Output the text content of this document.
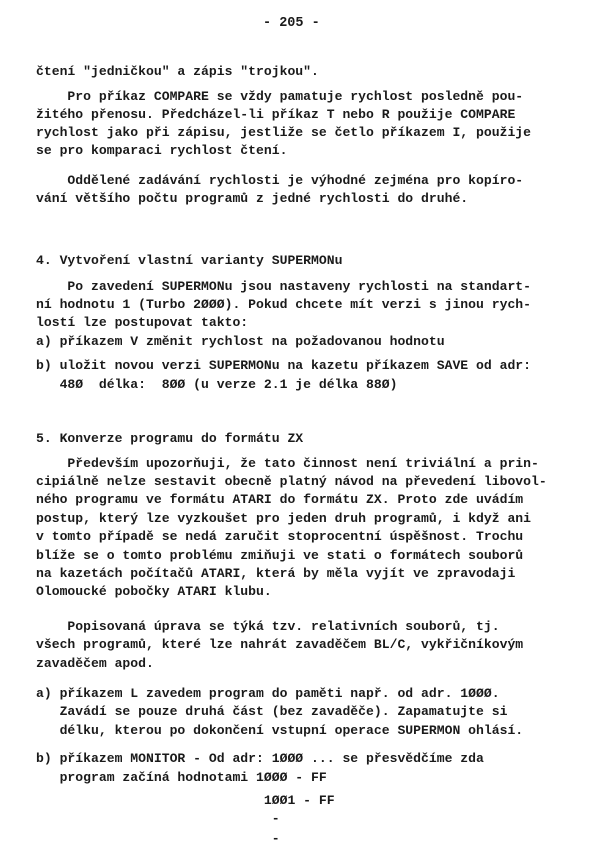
- 205 -
čtení "jedničkou" a zápis "trojkou".
Pro příkaz COMPARE se vždy pamatuje rychlost posledně pou-
žitého přenosu. Předcházel-li příkaz T nebo R použije COMPARE
rychlost jako při zápisu, jestliže se četlo příkazem I, použije
se pro komparaci rychlost čtení.
Oddělené zadávání rychlosti je výhodné zejména pro kopíro-
vání většího počtu programů z jedné rychlosti do druhé.
4. Vytvoření vlastní varianty SUPERMONu
Po zavedení SUPERMONu jsou nastaveny rychlosti na standart-
ní hodnotu 1 (Turbo 2ØØØ). Pokud chcete mít verzi s jinou rych-
lostí lze postupovat takto:
a) příkazem V změnit rychlost na požadovanou hodnotu
b) uložit novou verzi SUPERMONu na kazetu příkazem SAVE od adr:
48Ø  délka:  8ØØ (u verze 2.1 je délka 88Ø)
5. Konverze programu do formátu ZX
Především upozorňuji, že tato činnost není triviální a prin-
cipiálně nelze sestavit obecně platný návod na převedení libovol-
ného programu ve formátu ATARI do formátu ZX. Proto zde uvádím
postup, který lze vyzkoušet pro jeden druh programů, i když ani
v tomto případě se nedá zaručit stoprocentní úspěšnost. Trochu
blíže se o tomto problému zmiňuji ve stati o formátech souborů
na kazetách počítačů ATARI, která by měla vyjít ve zpravodaji
Olomoucké pobočky ATARI klubu.
Popisovaná úprava se týká tzv. relativních souborů, tj.
všech programů, které lze nahrát zavaděčem BL/C, vykřičníkovým
zavaděčem apod.
a) příkazem L zavedem program do paměti např. od adr. 1ØØØ.
Zavádí se pouze druhá část (bez zavaděče). Zapamatujte si
délku, kterou po dokončení vstupní operace SUPERMON ohlásí.
b) příkazem MONITOR - Od adr: 1ØØØ ... se přesvědčíme zda
program začíná hodnotami 1ØØØ - FF
1ØØ1 - FF
-
-
